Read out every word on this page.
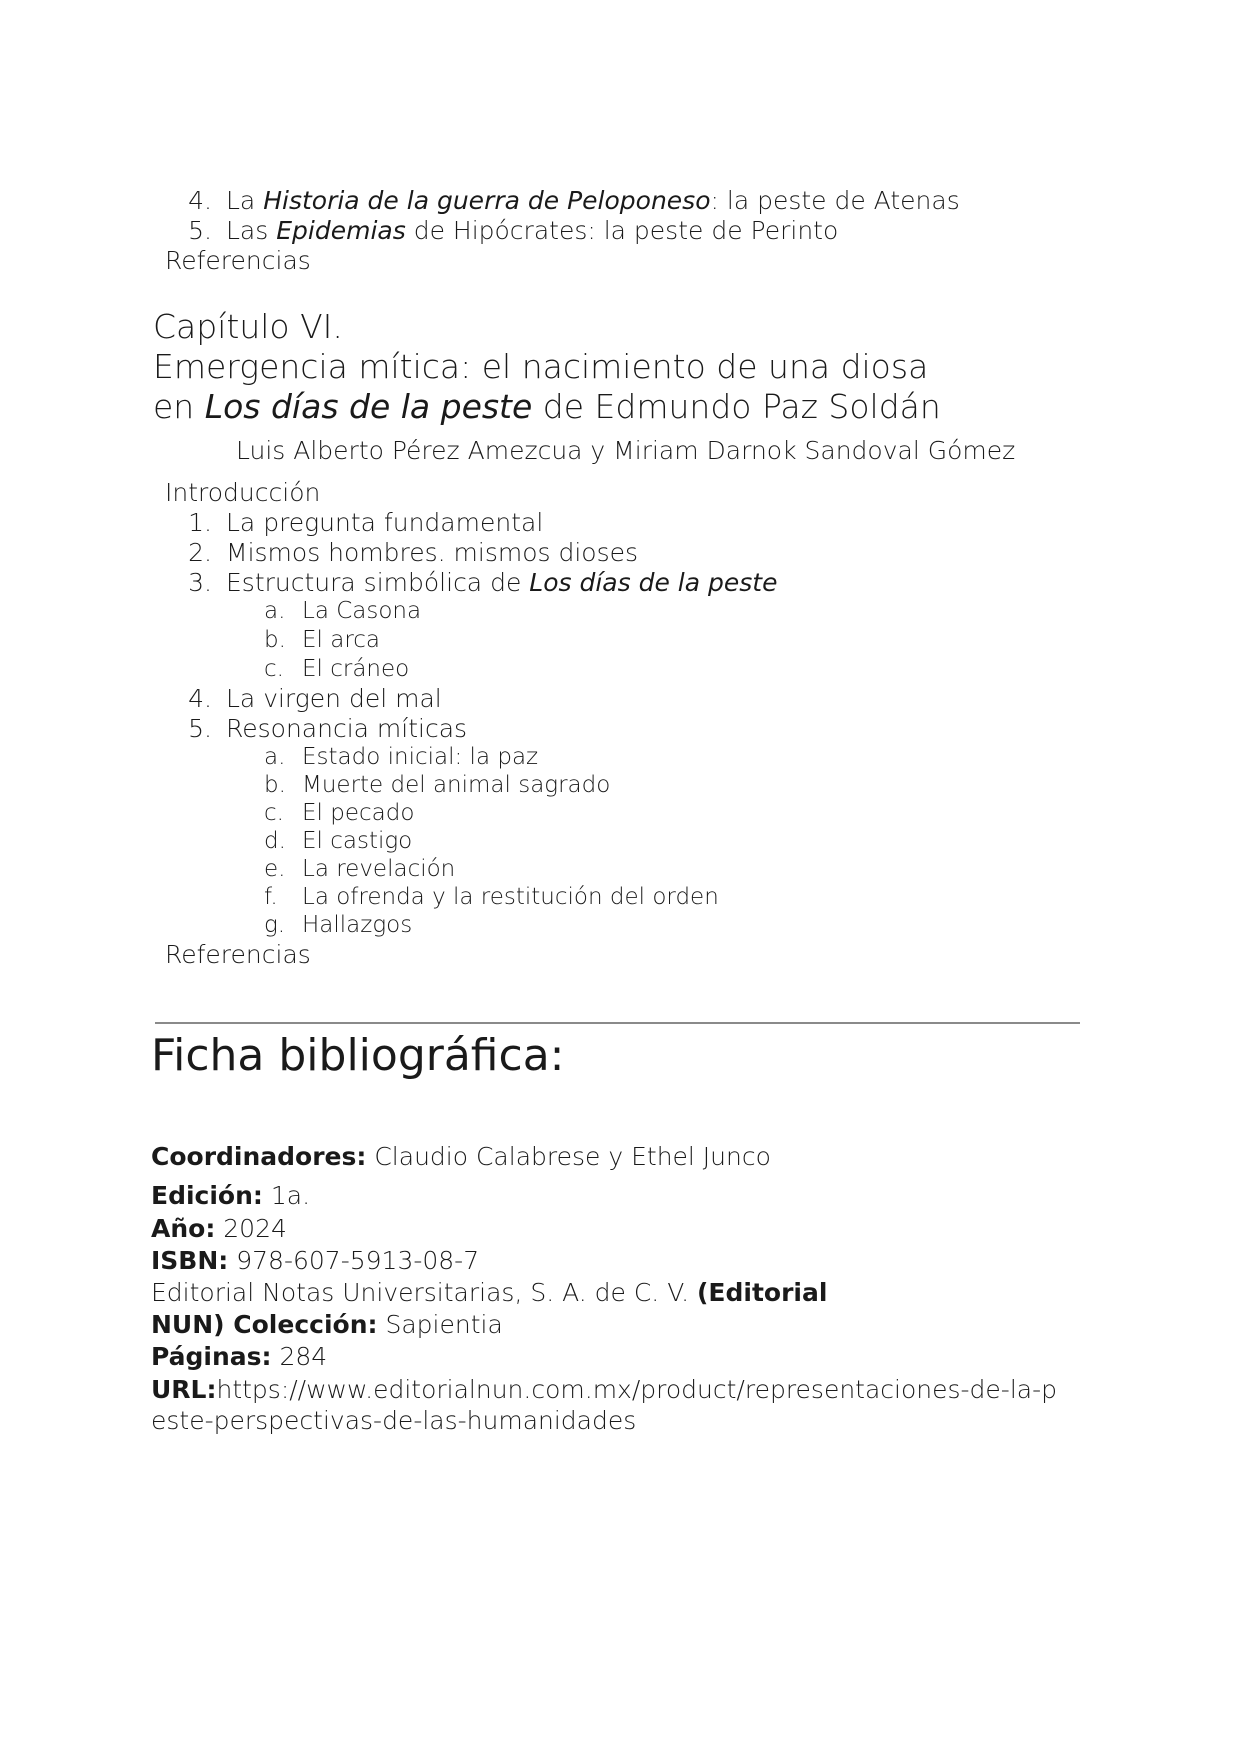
4. La Historia de la guerra de Peloponeso: la peste de Atenas
5. Las Epidemias de Hipócrates: la peste de Perinto
Referencias
Capítulo VI.
Emergencia mítica: el nacimiento de una diosa
en Los días de la peste de Edmundo Paz Soldán
Luis Alberto Pérez Amezcua y Miriam Darnok Sandoval Gómez
Introducción
1. La pregunta fundamental
2. Mismos hombres. mismos dioses
3. Estructura simbólica de Los días de la peste
a. La Casona
b. El arca
c. El cráneo
4. La virgen del mal
5. Resonancia míticas
a. Estado inicial: la paz
b. Muerte del animal sagrado
c. El pecado
d. El castigo
e. La revelación
f. La ofrenda y la restitución del orden
g. Hallazgos
Referencias
Ficha bibliográfica:
Coordinadores: Claudio Calabrese y Ethel Junco
Edición: 1a.
Año: 2024
ISBN: 978-607-5913-08-7
Editorial Notas Universitarias, S. A. de C. V. (Editorial
NUN) Colección: Sapientia
Páginas: 284
URL:https://www.editorialnun.com.mx/product/representaciones-de-la-p
este-perspectivas-de-las-humanidades
